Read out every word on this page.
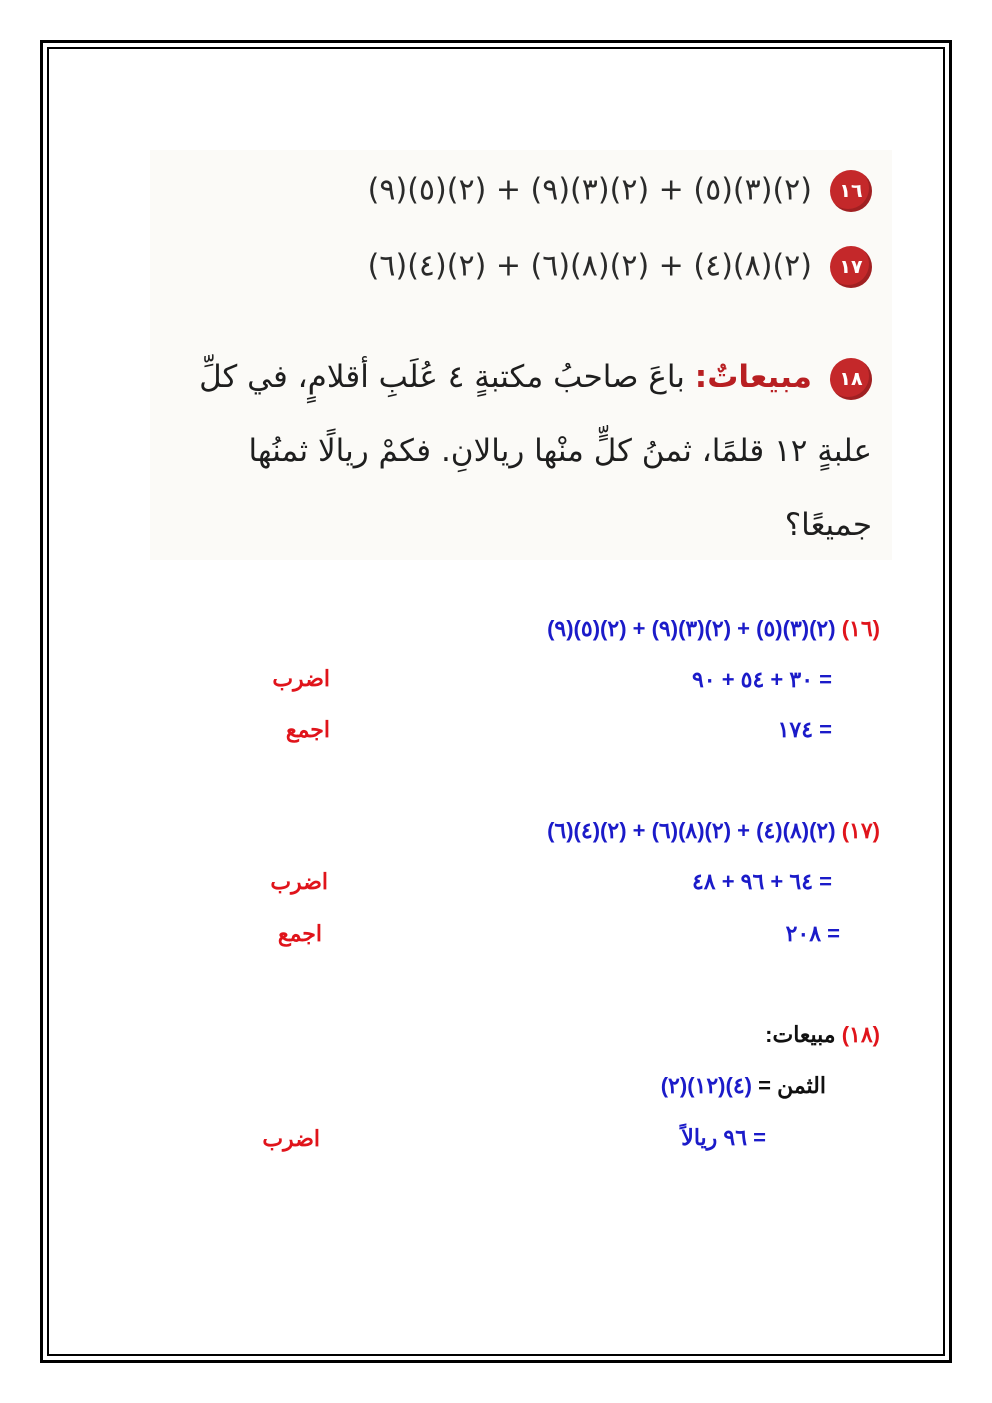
١٦(٢)(٣)(٥) + (٢)(٣)(٩) + (٢)(٥)(٩)
١٧(٢)(٨)(٤) + (٢)(٨)(٦) + (٢)(٤)(٦)
١٨مبيعاتٌ: باعَ صاحبُ مكتبةٍ ٤ عُلَبِ أقلامٍ، في كلِّ
علبةٍ ١٢ قلمًا، ثمنُ كلٍّ منْها ريالانِ. فكمْ ريالًا ثمنُها
جميعًا؟
(١٦) (٢)(٣)(٥) + (٢)(٣)(٩) + (٢)(٥)(٩)
= ٣٠ + ٥٤ + ٩٠
اضرب
= ١٧٤
اجمع
(١٧) (٢)(٨)(٤) + (٢)(٨)(٦) + (٢)(٤)(٦)
= ٦٤ + ٩٦ + ٤٨
اضرب
= ٢٠٨
اجمع
(١٨) مبيعات:
الثمن = (٤)(١٢)(٢)
= ٩٦ ريالاً
اضرب
